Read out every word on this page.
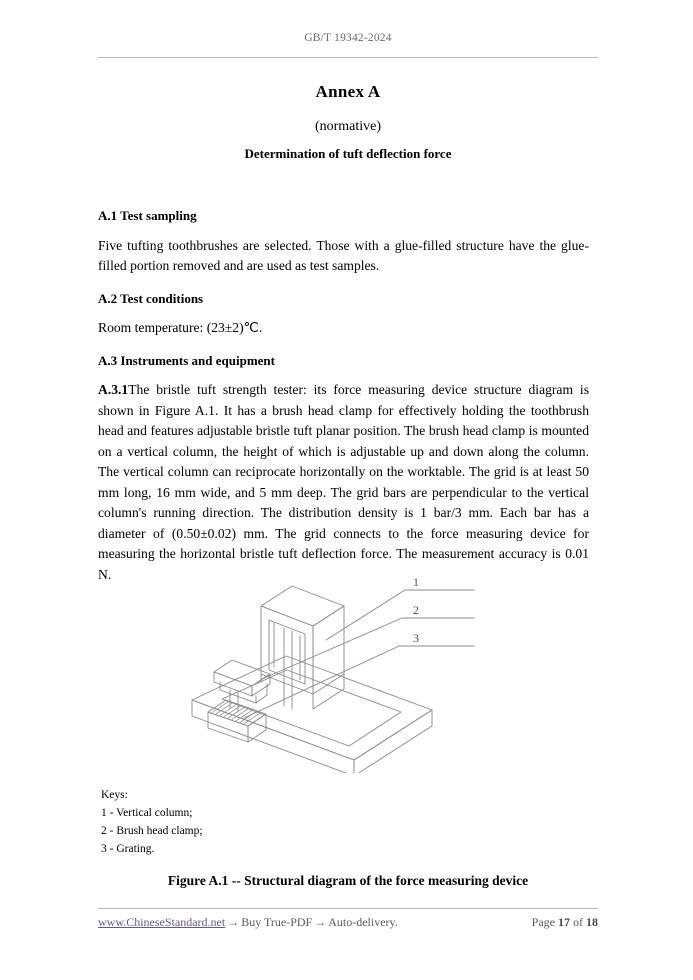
GB/T 19342-2024
Annex A
(normative)
Determination of tuft deflection force
A.1 Test sampling
Five tufting toothbrushes are selected. Those with a glue-filled structure have the glue-filled portion removed and are used as test samples.
A.2 Test conditions
Room temperature: (23±2)℃.
A.3 Instruments and equipment
A.3.1The bristle tuft strength tester: its force measuring device structure diagram is shown in Figure A.1. It has a brush head clamp for effectively holding the toothbrush head and features adjustable bristle tuft planar position. The brush head clamp is mounted on a vertical column, the height of which is adjustable up and down along the column. The vertical column can reciprocate horizontally on the worktable. The grid is at least 50 mm long, 16 mm wide, and 5 mm deep. The grid bars are perpendicular to the vertical column's running direction. The distribution density is 1 bar/3 mm. Each bar has a diameter of (0.50±0.02) mm. The grid connects to the force measuring device for measuring the horizontal bristle tuft deflection force. The measurement accuracy is 0.01 N.
1
2
3
Keys:
1 - Vertical column;
2 - Brush head clamp;
3 - Grating.
Figure A.1 -- Structural diagram of the force measuring device
www.ChineseStandard.net → Buy True-PDF → Auto-delivery.	Page 17 of 18
